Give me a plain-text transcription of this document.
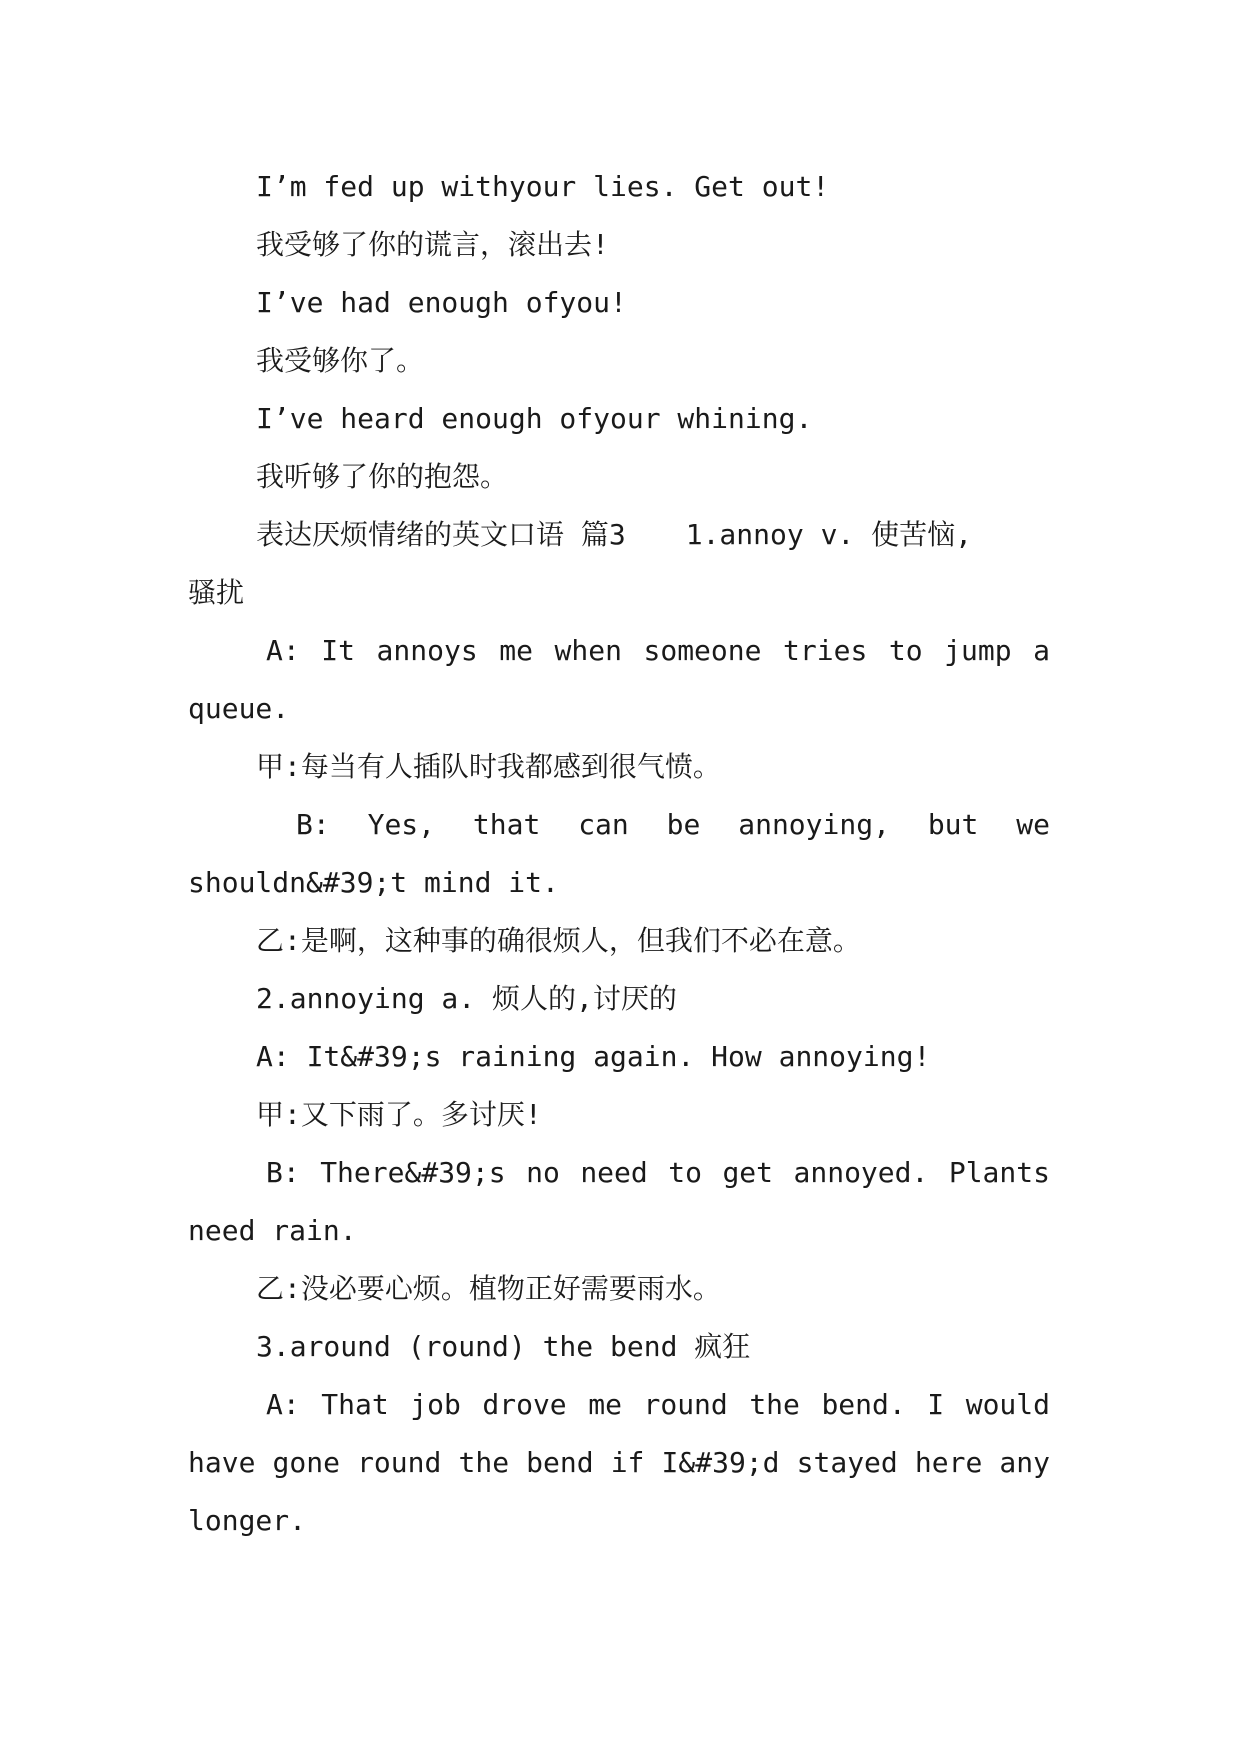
I’m fed up withyour lies. Get out!
我受够了你的谎言，滚出去!
I’ve had enough ofyou!
我受够你了。
I’ve heard enough ofyour whining.
我听够了你的抱怨。
表达厌烦情绪的英文口语 篇3 1.annoy v. 使苦恼,
骚扰
A: It annoys me when someone tries to jump a
queue.
甲:每当有人插队时我都感到很气愤。
B: Yes, that can be annoying, but we
shouldn&#39;t mind it.
乙:是啊，这种事的确很烦人，但我们不必在意。
2.annoying a. 烦人的,讨厌的
A: It&#39;s raining again. How annoying!
甲:又下雨了。多讨厌!
B: There&#39;s no need to get annoyed. Plants
need rain.
乙:没必要心烦。植物正好需要雨水。
3.around (round) the bend 疯狂
A: That job drove me round the bend. I would
have gone round the bend if I&#39;d stayed here any
longer.
